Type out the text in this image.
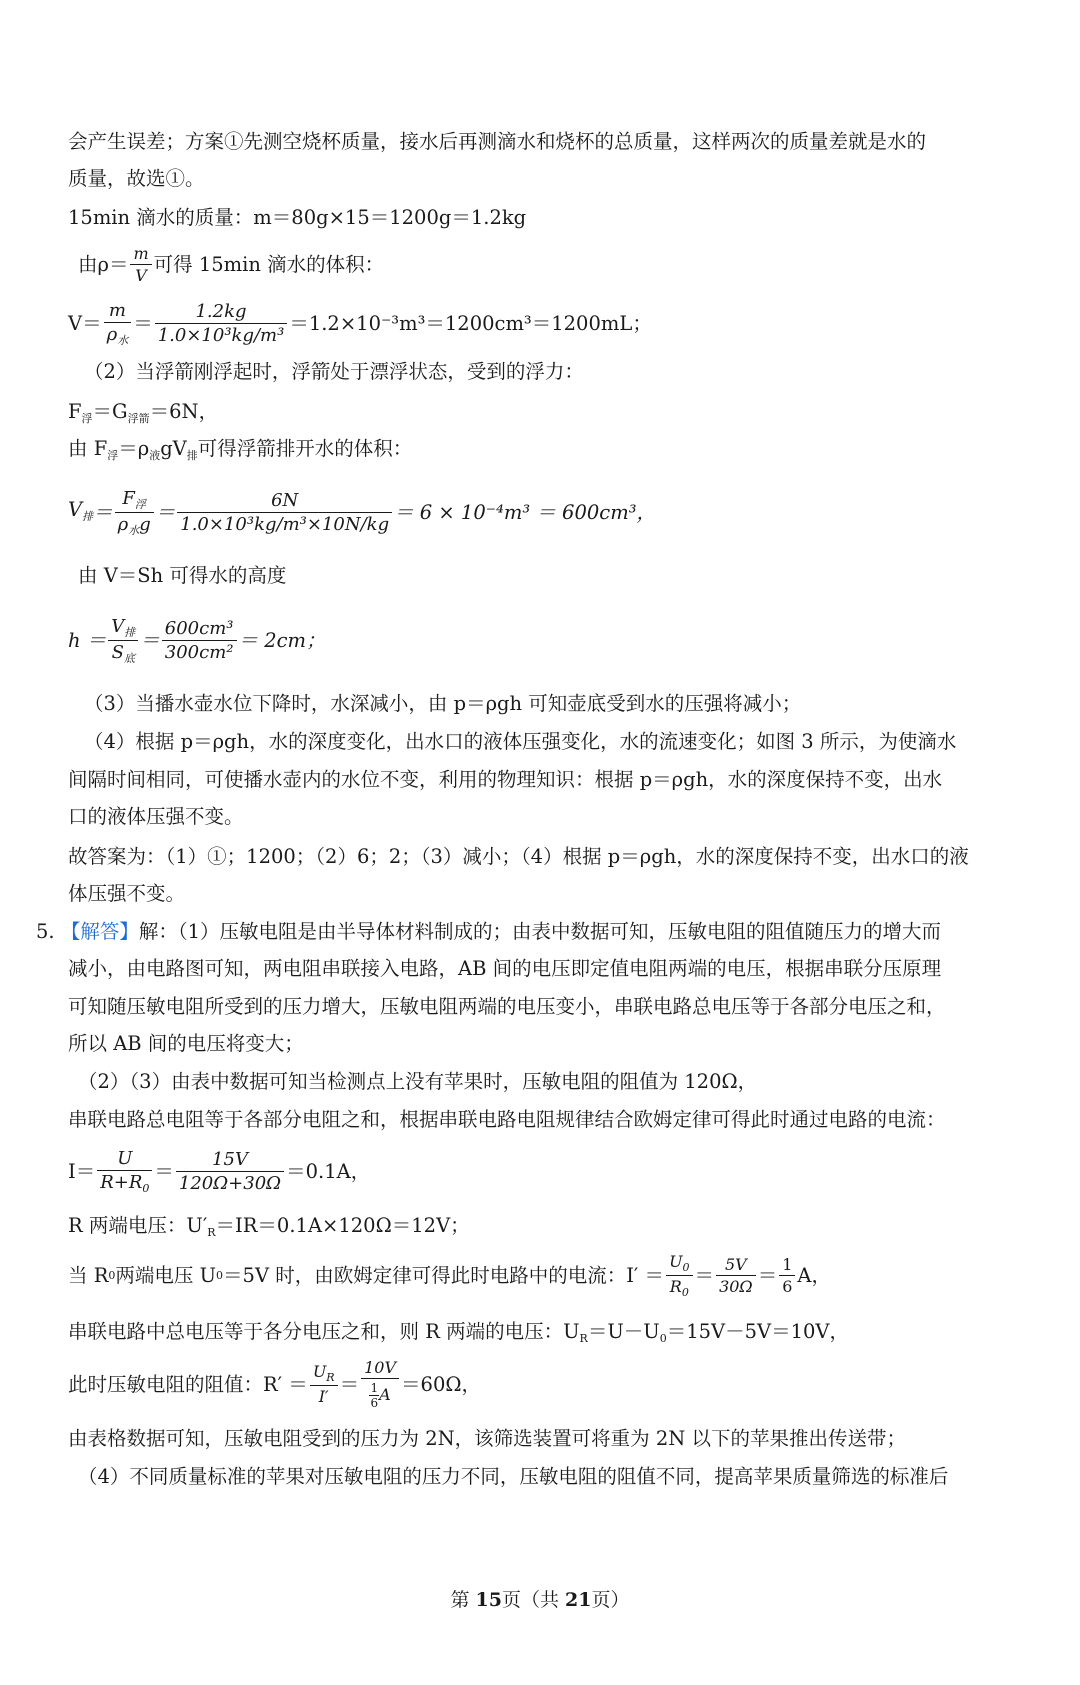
会产生误差；方案①先测空烧杯质量，接水后再测滴水和烧杯的总质量，这样两次的质量差就是水的
质量，故选①。
15min 滴水的质量：m＝80g×15＝1200g＝1.2kg
由$\rho= \frac{m}{V}$ 可得 15min 滴水的体积：
$V= \frac{m}{\rho_水} = \frac{1.2kg}{\text{1.0×10³kg/m³}} =1.2\times 10^{-3}m^3=1200cm^3=1200mL$；
（2）当浮箭刚浮起时，浮箭处于漂浮状态，受到的浮力：
$F_浮=G_{浮箭}=6N$，
由 $F_浮=\rho_液gV_排$可得浮箭排开水的体积：
$V_排 = \frac{F_浮}{\rho_水g} = \frac{6N}{\text{1.0×10³kg/m³×10N/kg}} = 6 \times 10^{-4}m^3 = 600cm^3$，
由 V＝Sh 可得水的高度
$h = \frac{V_排}{S_底} = \frac{\text{600cm³}}{\text{300cm²}} = 2cm$；
（3）当播水壶水位下降时，水深减小，由 p＝ρgh 可知壶底受到水的压强将减小；
（4）根据 p＝ρgh，水的深度变化，出水口的液体压强变化，水的流速变化；如图 3 所示，为使滴水
间隔时间相同，可使播水壶内的水位不变，利用的物理知识：根据 p＝ρgh，水的深度保持不变，出水
口的液体压强不变。
故答案为：（1）①；1200；（2）6；2；（3）减小；（4）根据 p＝ρgh，水的深度保持不变，出水口的液
体压强不变。
5. 【解答】解：（1）压敏电阻是由半导体材料制成的；由表中数据可知，压敏电阻的阻值随压力的增大而
减小，由电路图可知，两电阻串联接入电路，AB 间的电压即定值电阻两端的电压，根据串联分压原理
可知随压敏电阻所受到的压力增大，压敏电阻两端的电压变小，串联电路总电压等于各部分电压之和，
所以 AB 间的电压将变大；
（2）（3）由表中数据可知当检测点上没有苹果时，压敏电阻的阻值为 120Ω，
串联电路总电阻等于各部分电阻之和，根据串联电路电阻规律结合欧姆定律可得此时通过电路的电流：
$I= \frac{U}{R+R_0} = \frac{15V}{120\Omega+30\Omega} =0.1A$，
R 两端电压：$U'_R=IR=0.1A\times 120\Omega=12V$；
当 R 0 两端电压 U 0 ＝5V 时，由欧姆定律可得此时电路中的电流：$I' = \frac{U_0}{R_0} = \frac{5V}{30\Omega} = \frac{1}{6}$ A，
串联电路中总电压等于各分电压之和，则 R 两端的电压：$U_R=U-U_0=15V-5V=10V$，
此时压敏电阻的阻值：$R' = \frac{U_R}{I'} = \frac{10V}{\frac{1}{6} A} =60\Omega$，
由表格数据可知，压敏电阻受到的压力为 2N，该筛选装置可将重为 2N 以下的苹果推出传送带；
（4）不同质量标准的苹果对压敏电阻的压力不同，压敏电阻的阻值不同，提高苹果质量筛选的标准后
第 15页（共 21页）
